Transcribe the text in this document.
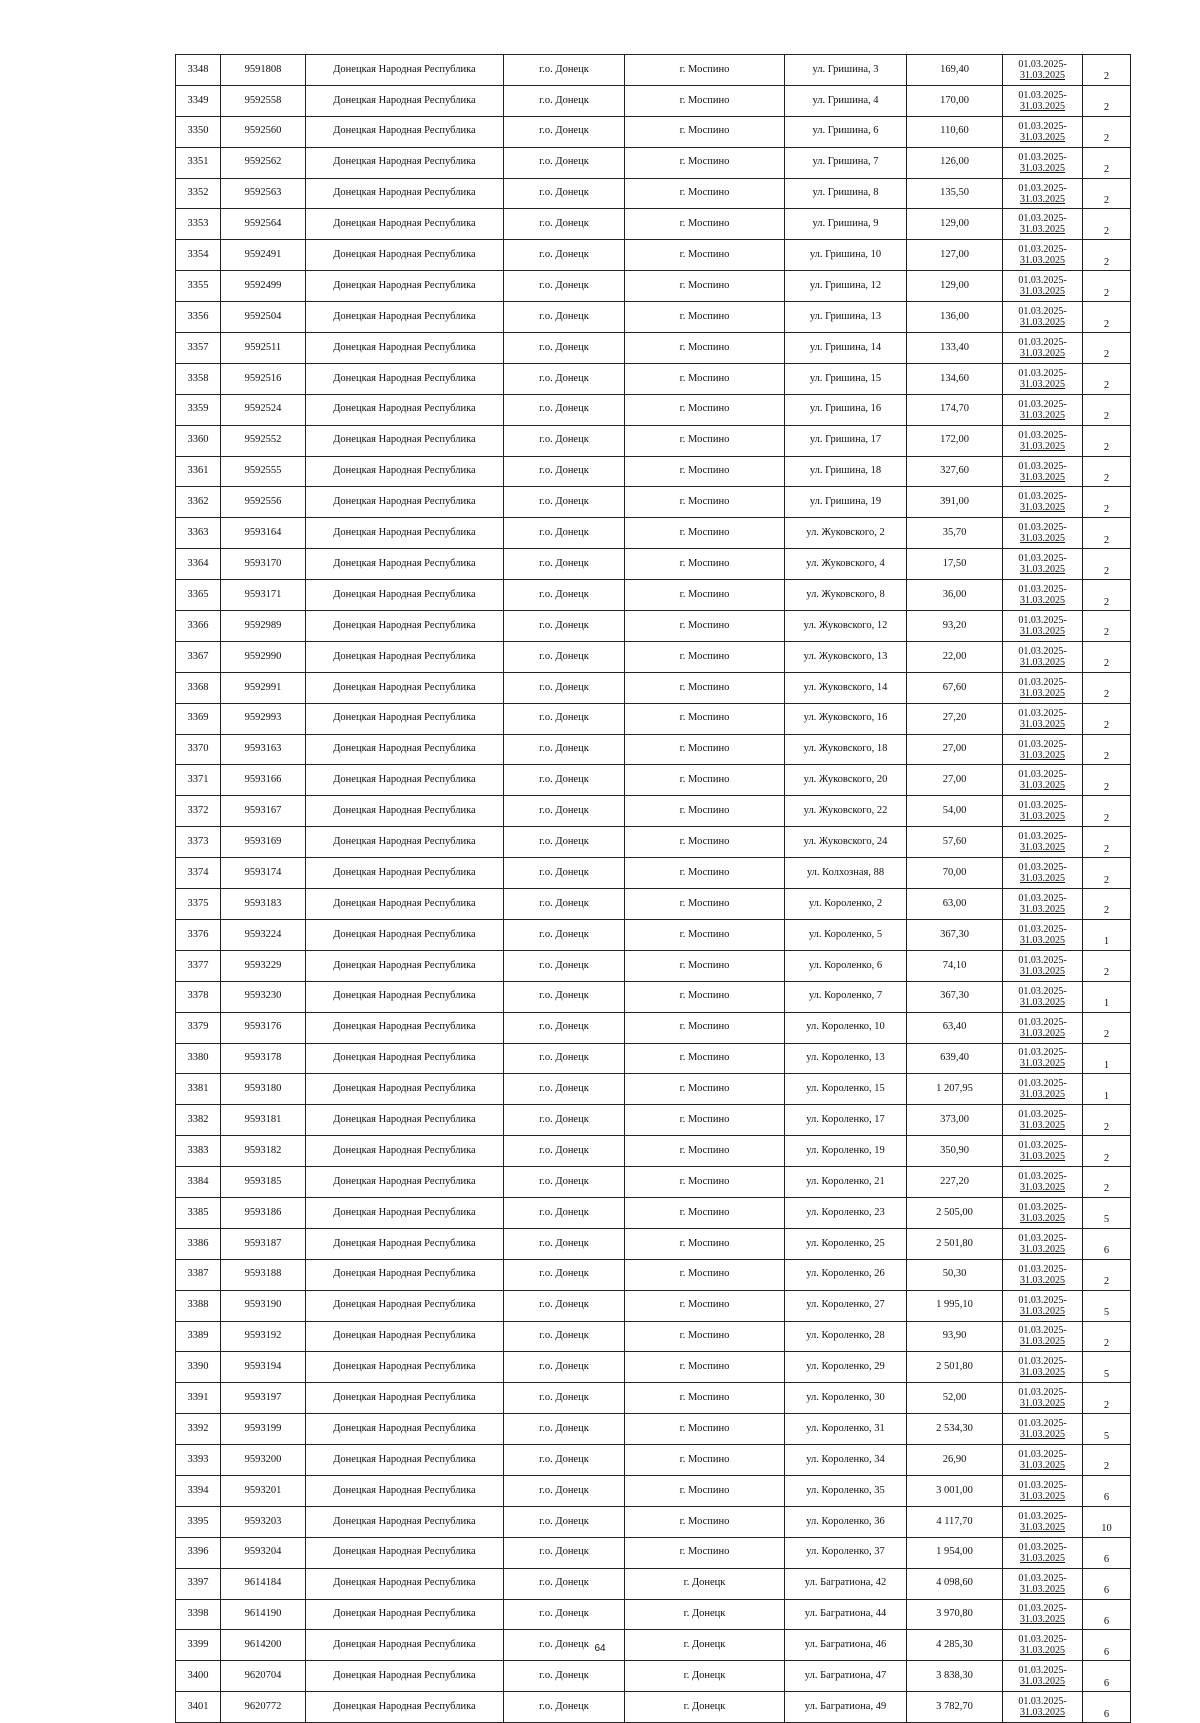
3348	9591808	Донецкая Народная Республика	г.о. Донецк	г. Моспино	ул. Гришина, 3	169,40	01.03.2025-
31.03.2025	2
3349	9592558	Донецкая Народная Республика	г.о. Донецк	г. Моспино	ул. Гришина, 4	170,00	01.03.2025-
31.03.2025	2
3350	9592560	Донецкая Народная Республика	г.о. Донецк	г. Моспино	ул. Гришина, 6	110,60	01.03.2025-
31.03.2025	2
3351	9592562	Донецкая Народная Республика	г.о. Донецк	г. Моспино	ул. Гришина, 7	126,00	01.03.2025-
31.03.2025	2
3352	9592563	Донецкая Народная Республика	г.о. Донецк	г. Моспино	ул. Гришина, 8	135,50	01.03.2025-
31.03.2025	2
3353	9592564	Донецкая Народная Республика	г.о. Донецк	г. Моспино	ул. Гришина, 9	129,00	01.03.2025-
31.03.2025	2
3354	9592491	Донецкая Народная Республика	г.о. Донецк	г. Моспино	ул. Гришина, 10	127,00	01.03.2025-
31.03.2025	2
3355	9592499	Донецкая Народная Республика	г.о. Донецк	г. Моспино	ул. Гришина, 12	129,00	01.03.2025-
31.03.2025	2
3356	9592504	Донецкая Народная Республика	г.о. Донецк	г. Моспино	ул. Гришина, 13	136,00	01.03.2025-
31.03.2025	2
3357	9592511	Донецкая Народная Республика	г.о. Донецк	г. Моспино	ул. Гришина, 14	133,40	01.03.2025-
31.03.2025	2
3358	9592516	Донецкая Народная Республика	г.о. Донецк	г. Моспино	ул. Гришина, 15	134,60	01.03.2025-
31.03.2025	2
3359	9592524	Донецкая Народная Республика	г.о. Донецк	г. Моспино	ул. Гришина, 16	174,70	01.03.2025-
31.03.2025	2
3360	9592552	Донецкая Народная Республика	г.о. Донецк	г. Моспино	ул. Гришина, 17	172,00	01.03.2025-
31.03.2025	2
3361	9592555	Донецкая Народная Республика	г.о. Донецк	г. Моспино	ул. Гришина, 18	327,60	01.03.2025-
31.03.2025	2
3362	9592556	Донецкая Народная Республика	г.о. Донецк	г. Моспино	ул. Гришина, 19	391,00	01.03.2025-
31.03.2025	2
3363	9593164	Донецкая Народная Республика	г.о. Донецк	г. Моспино	ул. Жуковского, 2	35,70	01.03.2025-
31.03.2025	2
3364	9593170	Донецкая Народная Республика	г.о. Донецк	г. Моспино	ул. Жуковского, 4	17,50	01.03.2025-
31.03.2025	2
3365	9593171	Донецкая Народная Республика	г.о. Донецк	г. Моспино	ул. Жуковского, 8	36,00	01.03.2025-
31.03.2025	2
3366	9592989	Донецкая Народная Республика	г.о. Донецк	г. Моспино	ул. Жуковского, 12	93,20	01.03.2025-
31.03.2025	2
3367	9592990	Донецкая Народная Республика	г.о. Донецк	г. Моспино	ул. Жуковского, 13	22,00	01.03.2025-
31.03.2025	2
3368	9592991	Донецкая Народная Республика	г.о. Донецк	г. Моспино	ул. Жуковского, 14	67,60	01.03.2025-
31.03.2025	2
3369	9592993	Донецкая Народная Республика	г.о. Донецк	г. Моспино	ул. Жуковского, 16	27,20	01.03.2025-
31.03.2025	2
3370	9593163	Донецкая Народная Республика	г.о. Донецк	г. Моспино	ул. Жуковского, 18	27,00	01.03.2025-
31.03.2025	2
3371	9593166	Донецкая Народная Республика	г.о. Донецк	г. Моспино	ул. Жуковского, 20	27,00	01.03.2025-
31.03.2025	2
3372	9593167	Донецкая Народная Республика	г.о. Донецк	г. Моспино	ул. Жуковского, 22	54,00	01.03.2025-
31.03.2025	2
3373	9593169	Донецкая Народная Республика	г.о. Донецк	г. Моспино	ул. Жуковского, 24	57,60	01.03.2025-
31.03.2025	2
3374	9593174	Донецкая Народная Республика	г.о. Донецк	г. Моспино	ул. Колхозная, 88	70,00	01.03.2025-
31.03.2025	2
3375	9593183	Донецкая Народная Республика	г.о. Донецк	г. Моспино	ул. Короленко, 2	63,00	01.03.2025-
31.03.2025	2
3376	9593224	Донецкая Народная Республика	г.о. Донецк	г. Моспино	ул. Короленко, 5	367,30	01.03.2025-
31.03.2025	1
3377	9593229	Донецкая Народная Республика	г.о. Донецк	г. Моспино	ул. Короленко, 6	74,10	01.03.2025-
31.03.2025	2
3378	9593230	Донецкая Народная Республика	г.о. Донецк	г. Моспино	ул. Короленко, 7	367,30	01.03.2025-
31.03.2025	1
3379	9593176	Донецкая Народная Республика	г.о. Донецк	г. Моспино	ул. Короленко, 10	63,40	01.03.2025-
31.03.2025	2
3380	9593178	Донецкая Народная Республика	г.о. Донецк	г. Моспино	ул. Короленко, 13	639,40	01.03.2025-
31.03.2025	1
3381	9593180	Донецкая Народная Республика	г.о. Донецк	г. Моспино	ул. Короленко, 15	1 207,95	01.03.2025-
31.03.2025	1
3382	9593181	Донецкая Народная Республика	г.о. Донецк	г. Моспино	ул. Короленко, 17	373,00	01.03.2025-
31.03.2025	2
3383	9593182	Донецкая Народная Республика	г.о. Донецк	г. Моспино	ул. Короленко, 19	350,90	01.03.2025-
31.03.2025	2
3384	9593185	Донецкая Народная Республика	г.о. Донецк	г. Моспино	ул. Короленко, 21	227,20	01.03.2025-
31.03.2025	2
3385	9593186	Донецкая Народная Республика	г.о. Донецк	г. Моспино	ул. Короленко, 23	2 505,00	01.03.2025-
31.03.2025	5
3386	9593187	Донецкая Народная Республика	г.о. Донецк	г. Моспино	ул. Короленко, 25	2 501,80	01.03.2025-
31.03.2025	6
3387	9593188	Донецкая Народная Республика	г.о. Донецк	г. Моспино	ул. Короленко, 26	50,30	01.03.2025-
31.03.2025	2
3388	9593190	Донецкая Народная Республика	г.о. Донецк	г. Моспино	ул. Короленко, 27	1 995,10	01.03.2025-
31.03.2025	5
3389	9593192	Донецкая Народная Республика	г.о. Донецк	г. Моспино	ул. Короленко, 28	93,90	01.03.2025-
31.03.2025	2
3390	9593194	Донецкая Народная Республика	г.о. Донецк	г. Моспино	ул. Короленко, 29	2 501,80	01.03.2025-
31.03.2025	5
3391	9593197	Донецкая Народная Республика	г.о. Донецк	г. Моспино	ул. Короленко, 30	52,00	01.03.2025-
31.03.2025	2
3392	9593199	Донецкая Народная Республика	г.о. Донецк	г. Моспино	ул. Короленко, 31	2 534,30	01.03.2025-
31.03.2025	5
3393	9593200	Донецкая Народная Республика	г.о. Донецк	г. Моспино	ул. Короленко, 34	26,90	01.03.2025-
31.03.2025	2
3394	9593201	Донецкая Народная Республика	г.о. Донецк	г. Моспино	ул. Короленко, 35	3 001,00	01.03.2025-
31.03.2025	6
3395	9593203	Донецкая Народная Республика	г.о. Донецк	г. Моспино	ул. Короленко, 36	4 117,70	01.03.2025-
31.03.2025	10
3396	9593204	Донецкая Народная Республика	г.о. Донецк	г. Моспино	ул. Короленко, 37	1 954,00	01.03.2025-
31.03.2025	6
3397	9614184	Донецкая Народная Республика	г.о. Донецк	г. Донецк	ул. Багратиона, 42	4 098,60	01.03.2025-
31.03.2025	6
3398	9614190	Донецкая Народная Республика	г.о. Донецк	г. Донецк	ул. Багратиона, 44	3 970,80	01.03.2025-
31.03.2025	6
3399	9614200	Донецкая Народная Республика	г.о. Донецк	г. Донецк	ул. Багратиона, 46	4 285,30	01.03.2025-
31.03.2025	6
3400	9620704	Донецкая Народная Республика	г.о. Донецк	г. Донецк	ул. Багратиона, 47	3 838,30	01.03.2025-
31.03.2025	6
3401	9620772	Донецкая Народная Республика	г.о. Донецк	г. Донецк	ул. Багратиона, 49	3 782,70	01.03.2025-
31.03.2025	6
64
